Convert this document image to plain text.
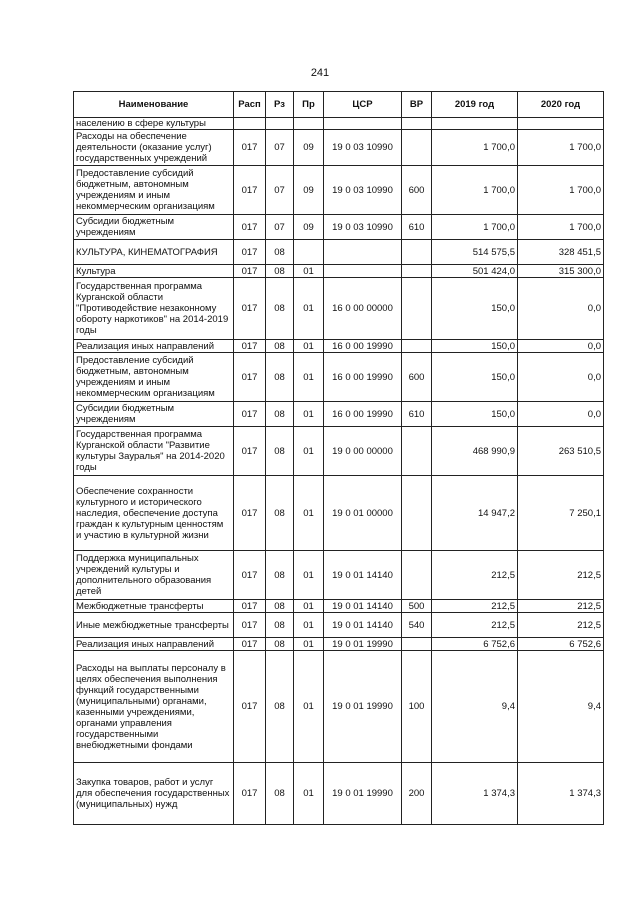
241
Наименование	Расп	Рз	Пр	ЦСР	ВР	2019 год	2020 год
населению в сфере культуры							
Расходы на обеспечение деятельности (оказание услуг) государственных учреждений	017	07	09	19 0 03 10990		1 700,0	1 700,0
Предоставление субсидий бюджетным, автономным учреждениям и иным некоммерческим организациям	017	07	09	19 0 03 10990	600	1 700,0	1 700,0
Субсидии бюджетным учреждениям	017	07	09	19 0 03 10990	610	1 700,0	1 700,0
КУЛЬТУРА, КИНЕМАТОГРАФИЯ	017	08				514 575,5	328 451,5
Культура	017	08	01			501 424,0	315 300,0
Государственная программа Курганской области "Противодействие незаконному обороту наркотиков" на 2014-2019 годы	017	08	01	16 0 00 00000		150,0	0,0
Реализация иных направлений	017	08	01	16 0 00 19990		150,0	0,0
Предоставление субсидий бюджетным, автономным учреждениям и иным некоммерческим организациям	017	08	01	16 0 00 19990	600	150,0	0,0
Субсидии бюджетным учреждениям	017	08	01	16 0 00 19990	610	150,0	0,0
Государственная программа Курганской области "Развитие культуры Зауралья" на 2014-2020 годы	017	08	01	19 0 00 00000		468 990,9	263 510,5
Обеспечение сохранности культурного и исторического наследия, обеспечение доступа граждан к культурным ценностям и участию в культурной жизни	017	08	01	19 0 01 00000		14 947,2	7 250,1
Поддержка муниципальных учреждений культуры и дополнительного образования детей	017	08	01	19 0 01 14140		212,5	212,5
Межбюджетные трансферты	017	08	01	19 0 01 14140	500	212,5	212,5
Иные межбюджетные трансферты	017	08	01	19 0 01 14140	540	212,5	212,5
Реализация иных направлений	017	08	01	19 0 01 19990		6 752,6	6 752,6
Расходы на выплаты персоналу в целях обеспечения выполнения функций государственными (муниципальными) органами, казенными учреждениями, органами управления государственными внебюджетными фондами	017	08	01	19 0 01 19990	100	9,4	9,4
Закупка товаров, работ и услуг для обеспечения государственных (муниципальных) нужд	017	08	01	19 0 01 19990	200	1 374,3	1 374,3
